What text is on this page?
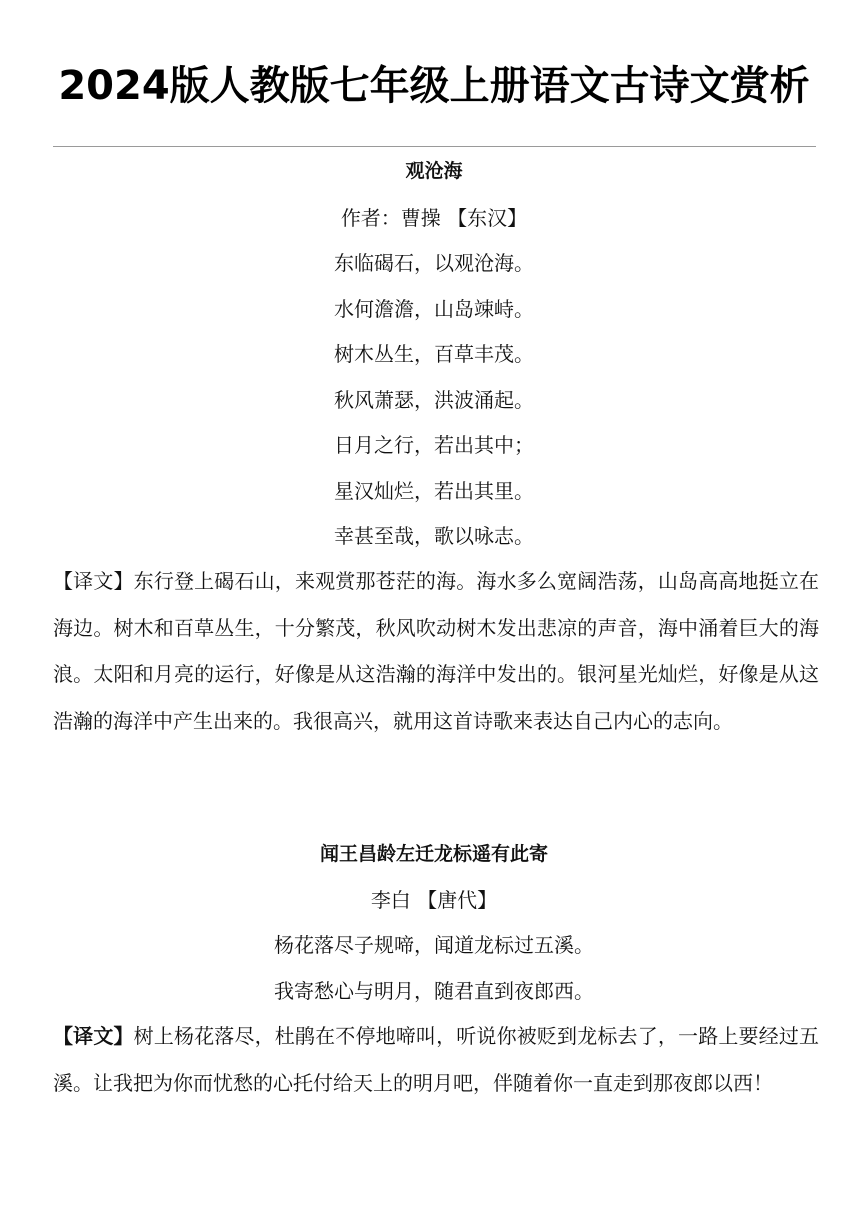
2024版人教版七年级上册语文古诗文赏析
观沧海
作者：曹操 【东汉】
东临碣石，以观沧海。
水何澹澹，山岛竦峙。
树木丛生，百草丰茂。
秋风萧瑟，洪波涌起。
日月之行，若出其中；
星汉灿烂，若出其里。
幸甚至哉，歌以咏志。
【译文】东行登上碣石山，来观赏那苍茫的海。海水多么宽阔浩荡，山岛高高地挺立在海边。树木和百草丛生，十分繁茂，秋风吹动树木发出悲凉的声音，海中涌着巨大的海浪。太阳和月亮的运行，好像是从这浩瀚的海洋中发出的。银河星光灿烂，好像是从这浩瀚的海洋中产生出来的。我很高兴，就用这首诗歌来表达自己内心的志向。
闻王昌龄左迁龙标遥有此寄
李白 【唐代】
杨花落尽子规啼，闻道龙标过五溪。
我寄愁心与明月，随君直到夜郎西。
【译文】树上杨花落尽，杜鹃在不停地啼叫，听说你被贬到龙标去了，一路上要经过五溪。让我把为你而忧愁的心托付给天上的明月吧，伴随着你一直走到那夜郎以西！
